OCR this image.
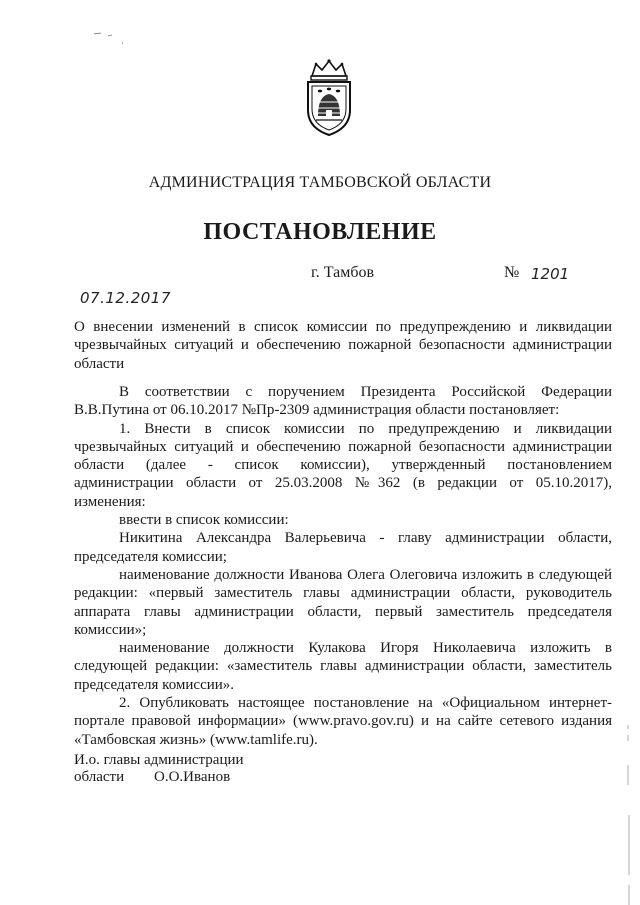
АДМИНИСТРАЦИЯ ТАМБОВСКОЙ ОБЛАСТИ
ПОСТАНОВЛЕНИЕ
г. Тамбов	№ 1201
07.12.2017
О внесении изменений в список комиссии по предупреждению и ликвидации
чрезвычайных ситуаций и обеспечению пожарной безопасности администрации
области
В соответствии с поручением Президента Российской Федерации
В.В.Путина от 06.10.2017 №Пр-2309 администрация области постановляет:
1. Внести в список комиссии по предупреждению и ликвидации
чрезвычайных ситуаций и обеспечению пожарной безопасности администрации
области (далее - список комиссии), утвержденный постановлением
администрации области от 25.03.2008 №362 (в редакции от 05.10.2017),
изменения:
ввести в список комиссии:
Никитина Александра Валерьевича - главу администрации области,
председателя комиссии;
наименование должности Иванова Олега Олеговича изложить в следующей
редакции: «первый заместитель главы администрации области, руководитель
аппарата главы администрации области, первый заместитель председателя
комиссии»;
наименование должности Кулакова Игоря Николаевича изложить в
следующей редакции: «заместитель главы администрации области, заместитель
председателя комиссии».
2. Опубликовать настоящее постановление на «Официальном интернет-
портале правовой информации» (www.pravo.gov.ru) и на сайте сетевого издания
«Тамбовская жизнь» (www.tamlife.ru).
И.о. главы администрации
области О.О.Иванов
